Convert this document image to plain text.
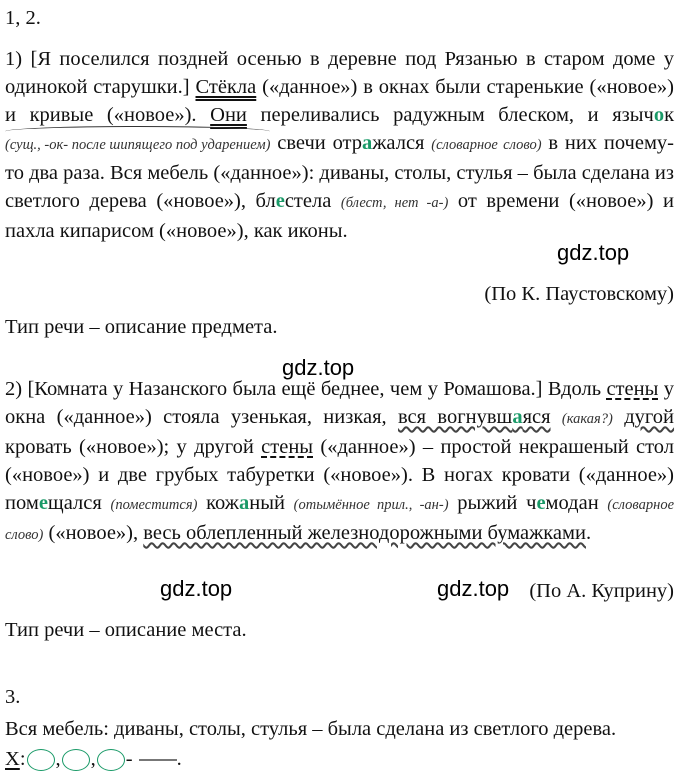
1, 2.
1) [Я поселился поздней осенью в деревне под Рязанью в старом доме у одинокой старушки.] Стёкла («данное») в окнах были старенькие («новое») и кривые («новое»). Они переливались радужным блеском, и язычок (сущ., -ок- после шипящего под ударением) свечи отражался (словарное слово) в них почему-то два раза. Вся мебель («данное»): диваны, столы, стулья – была сделана из светлого дерева («новое»), блестела (блест, нет -а-) от времени («новое») и пахла кипарисом («новое»), как иконы.
(По К. Паустовскому)
Тип речи – описание предмета.
2) [Комната у Назанского была ещё беднее, чем у Ромашова.] Вдоль стены у окна («данное») стояла узенькая, низкая, вся вогнувшаяся (какая?) дугой кровать («новое»); у другой стены («данное») – простой некрашеный стол («новое») и две грубых табуретки («новое»). В ногах кровати («данное») помещался (поместится) кожаный (отымённое прил., -ан-) рыжий чемодан (словарное слово) («новое»), весь облепленный железнодорожными бумажками.
(По А. Куприну)
Тип речи – описание места.
3.
Вся мебель: диваны, столы, стулья – была сделана из светлого дерева.
X: , , - .
gdz.top
gdz.top
gdz.top	gdz.top
